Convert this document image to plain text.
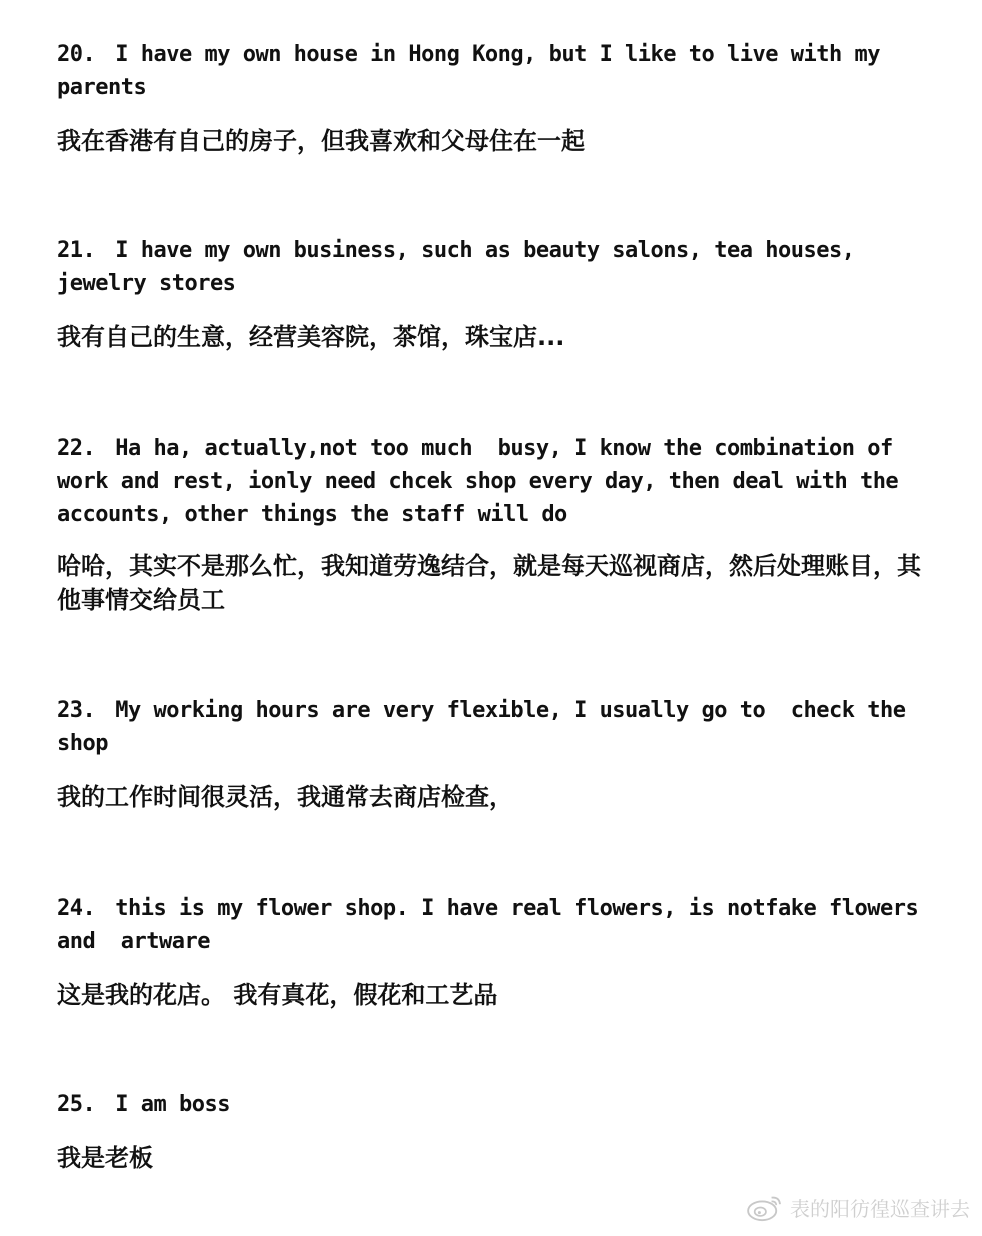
20. I have my own house in Hong Kong, but I like to live with my parents

我在香港有自己的房子，但我喜欢和父母住在一起

21. I have my own business, such as beauty salons, tea houses, jewelry stores

我有自己的生意，经营美容院，茶馆，珠宝店...

22. Ha ha, actually,not too much  busy, I know the combination of work and rest, ionly need chcek shop every day, then deal with the accounts, other things the staff will do

哈哈，其实不是那么忙，我知道劳逸结合，就是每天巡视商店，然后处理账目，其他事情交给员工

23. My working hours are very flexible, I usually go to  check the shop

我的工作时间很灵活，我通常去商店检查，

24. this is my flower shop. I have real flowers, is notfake flowers and  artware

这是我的花店。 我有真花，假花和工艺品

25. I am boss

我是老板

表的阳彷徨巡查讲去
